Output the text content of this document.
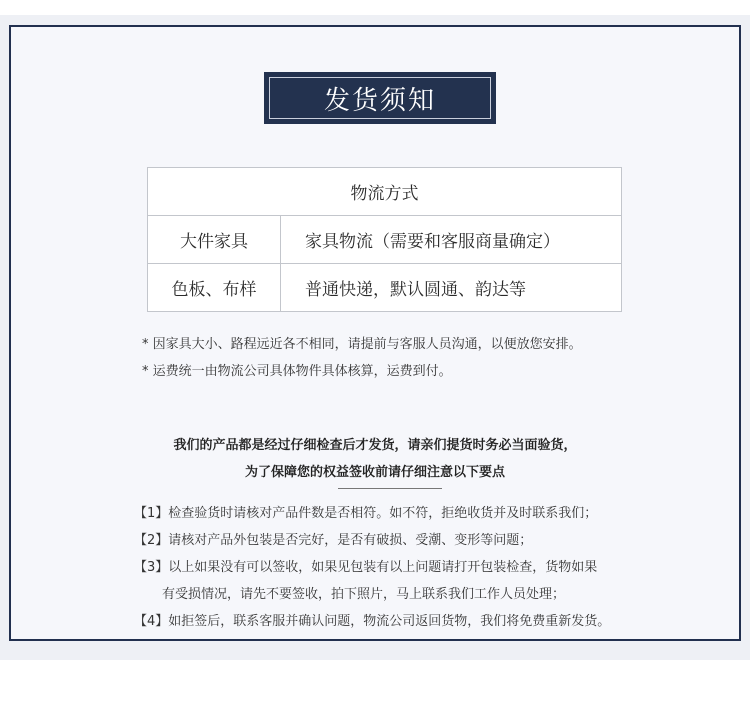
发货须知
物流方式	
大件家具	家具物流（需要和客服商量确定）
色板、布样	普通快递，默认圆通、韵达等
* 因家具大小、路程远近各不相同，请提前与客服人员沟通，以便放您安排。
* 运费统一由物流公司具体物件具体核算，运费到付。
我们的产品都是经过仔细检查后才发货，请亲们提货时务必当面验货，
为了保障您的权益签收前请仔细注意以下要点
【1】检查验货时请核对产品件数是否相符。如不符，拒绝收货并及时联系我们；
【2】请核对产品外包装是否完好，是否有破损、受潮、变形等问题；
【3】以上如果没有可以签收，如果见包装有以上问题请打开包装检查，货物如果
有受损情况，请先不要签收，拍下照片，马上联系我们工作人员处理；
【4】如拒签后，联系客服并确认问题，物流公司返回货物，我们将免费重新发货。
